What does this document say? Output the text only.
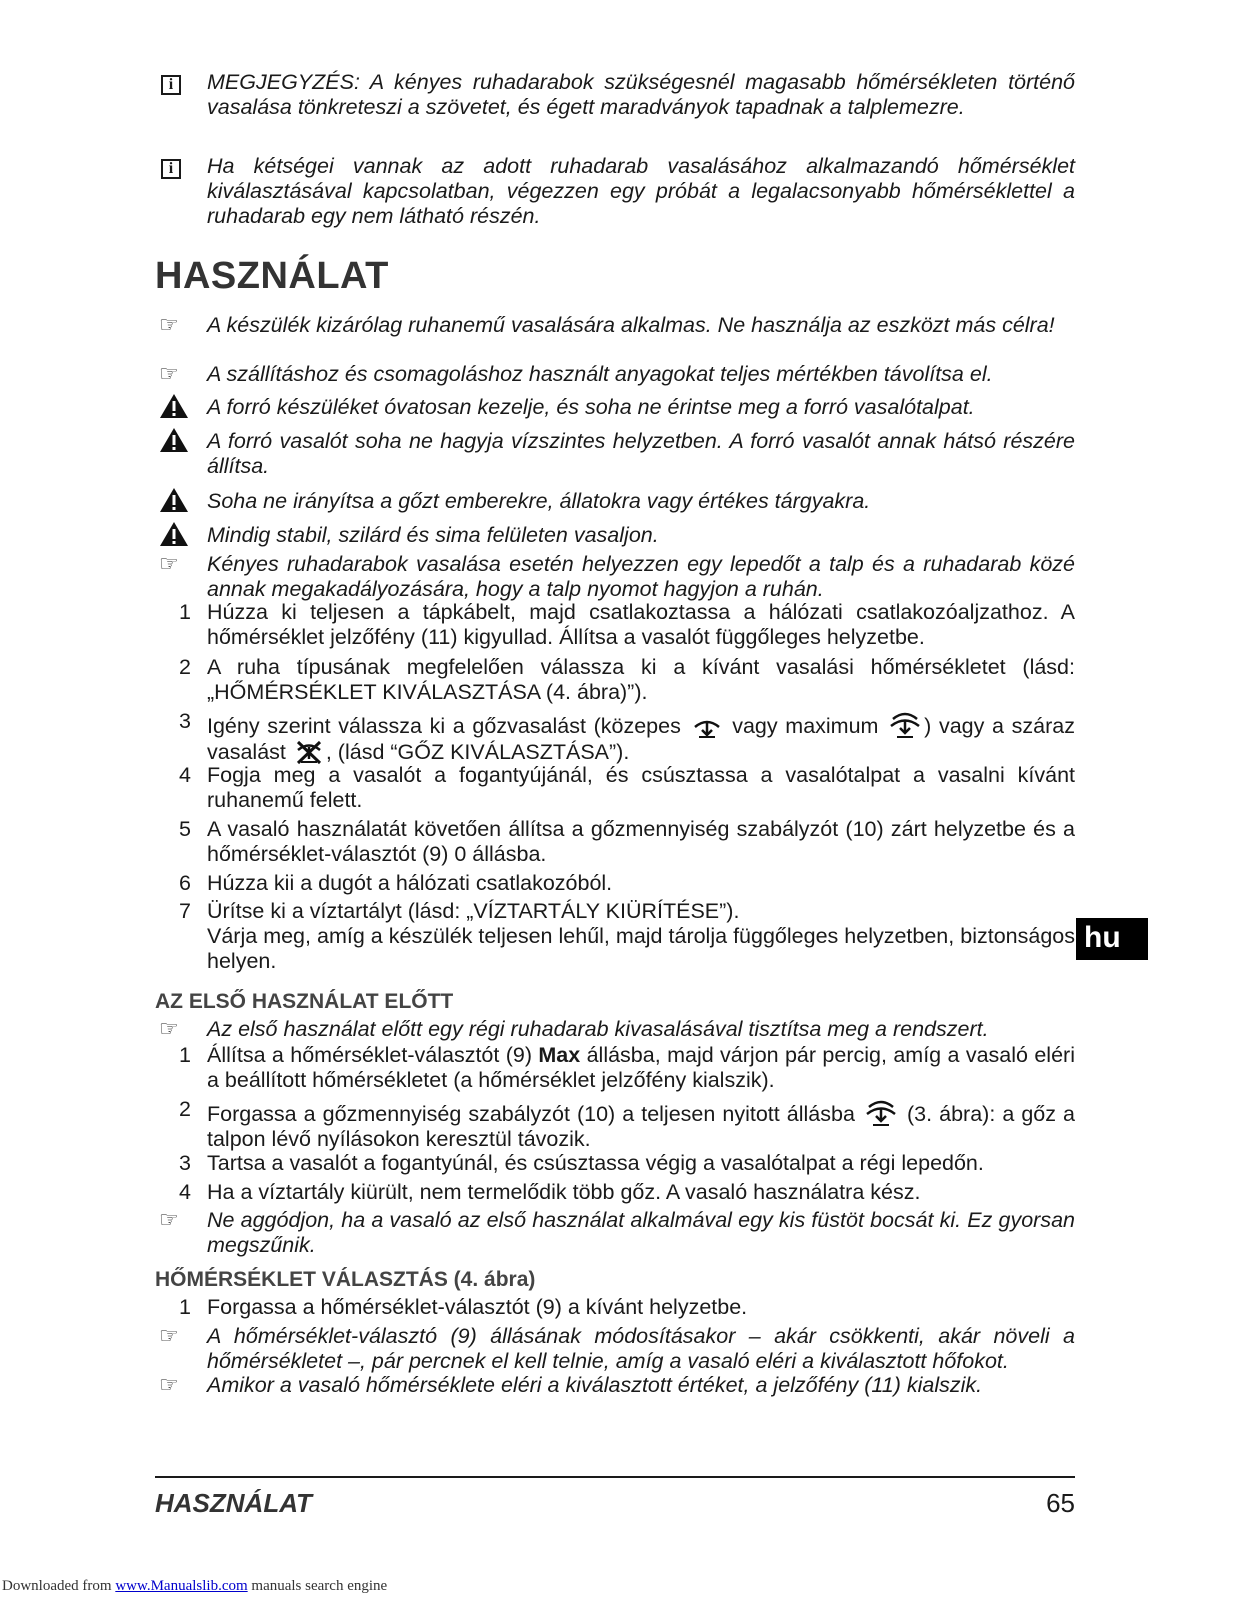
i	MEGJEGYZÉS: A kényes ruhadarabok szükségesnél magasabb hőmérsékleten történő vasalása tönkreteszi a szövetet, és égett maradványok tapadnak a talplemezre.
i	Ha kétségei vannak az adott ruhadarab vasalásához alkalmazandó hőmérséklet kiválasztásával kapcsolatban, végezzen egy próbát a legalacsonyabb hőmérséklettel a ruhadarab egy nem látható részén.
HASZNÁLAT
☞	A készülék kizárólag ruhanemű vasalására alkalmas. Ne használja az eszközt más célra!
☞	A szállításhoz és csomagoláshoz használt anyagokat teljes mértékben távolítsa el.
A forró készüléket óvatosan kezelje, és soha ne érintse meg a forró vasalótalpat.
A forró vasalót soha ne hagyja vízszintes helyzetben. A forró vasalót annak hátsó részére állítsa.
Soha ne irányítsa a gőzt emberekre, állatokra vagy értékes tárgyakra.
Mindig stabil, szilárd és sima felületen vasaljon.
☞	Kényes ruhadarabok vasalása esetén helyezzen egy lepedőt a talp és a ruhadarab közé annak megakadályozására, hogy a talp nyomot hagyjon a ruhán.
1 Húzza ki teljesen a tápkábelt, majd csatlakoztassa a hálózati csatlakozóaljzathoz. A hőmérséklet jelzőfény (11) kigyullad. Állítsa a vasalót függőleges helyzetbe.
2 A ruha típusának megfelelően válassza ki a kívánt vasalási hőmérsékletet (lásd: „HŐMÉRSÉKLET KIVÁLASZTÁSA (4. ábra)”).
3 Igény szerint válassza ki a gőzvasalást (közepes  vagy maximum ) vagy a száraz vasalást , (lásd “GŐZ KIVÁLASZTÁSA”).
4 Fogja meg a vasalót a fogantyújánál, és csúsztassa a vasalótalpat a vasalni kívánt ruhanemű felett.
5 A vasaló használatát követően állítsa a gőzmennyiség szabályzót (10) zárt helyzetbe és a hőmérséklet-választót (9) 0 állásba.
6 Húzza kii a dugót a hálózati csatlakozóból.
7 Ürítse ki a víztartályt (lásd: „VÍZTARTÁLY KIÜRÍTÉSE”).
Várja meg, amíg a készülék teljesen lehűl, majd tárolja függőleges helyzetben, biztonságos helyen.
AZ ELSŐ HASZNÁLAT ELŐTT
☞	Az első használat előtt egy régi ruhadarab kivasalásával tisztítsa meg a rendszert.
1 Állítsa a hőmérséklet-választót (9) Max állásba, majd várjon pár percig, amíg a vasaló eléri a beállított hőmérsékletet (a hőmérséklet jelzőfény kialszik).
2 Forgassa a gőzmennyiség szabályzót (10) a teljesen nyitott állásba  (3. ábra): a gőz a talpon lévő nyílásokon keresztül távozik.
3 Tartsa a vasalót a fogantyúnál, és csúsztassa végig a vasalótalpat a régi lepedőn.
4 Ha a víztartály kiürült, nem termelődik több gőz. A vasaló használatra kész.
☞	Ne aggódjon, ha a vasaló az első használat alkalmával egy kis füstöt bocsát ki. Ez gyorsan megszűnik.
HŐMÉRSÉKLET VÁLASZTÁS (4. ábra)
1 Forgassa a hőmérséklet-választót (9) a kívánt helyzetbe.
☞	A hőmérséklet-választó (9) állásának módosításakor – akár csökkenti, akár növeli a hőmérsékletet –, pár percnek el kell telnie, amíg a vasaló eléri a kiválasztott hőfokot.
☞	Amikor a vasaló hőmérséklete eléri a kiválasztott értéket, a jelzőfény (11) kialszik.
hu
HASZNÁLAT	65
Downloaded from www.Manualslib.com manuals search engine
